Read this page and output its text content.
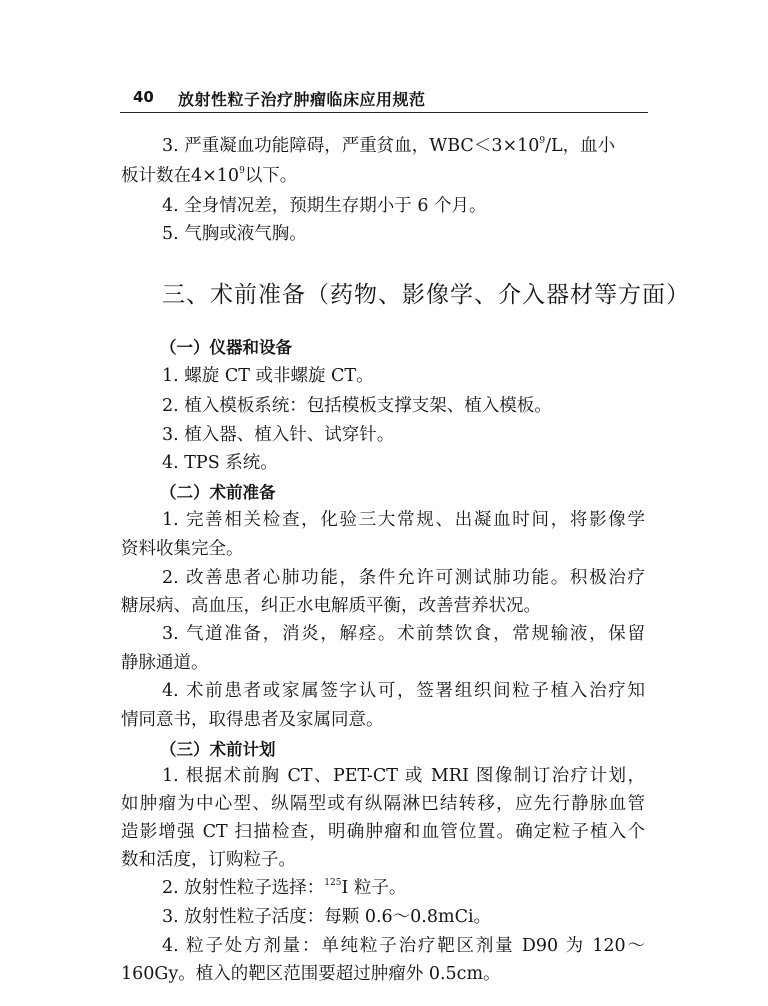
40 放射性粒子治疗肿瘤临床应用规范
3. 严重凝血功能障碍，严重贫血，$WBC<3\times 10^9/L$，血小
板计数在$4\times 10^9$以下。
4. 全身情况差，预期生存期小于 6 个月。
5. 气胸或液气胸。
三、术前准备（药物、影像学、介入器材等方面）
（一）仪器和设备
1. 螺旋 CT 或非螺旋 CT。
2. 植入模板系统：包括模板支撑支架、植入模板。
3. 植入器、植入针、试穿针。
4. TPS 系统。
（二）术前准备
1. 完善相关检查，化验三大常规、出凝血时间，将影像学
资料收集完全。
2. 改善患者心肺功能，条件允许可测试肺功能。积极治疗
糖尿病、高血压，纠正水电解质平衡，改善营养状况。
3. 气道准备，消炎，解痉。术前禁饮食，常规输液，保留
静脉通道。
4. 术前患者或家属签字认可，签署组织间粒子植入治疗知
情同意书，取得患者及家属同意。
（三）术前计划
1. 根据术前胸 CT、PET-CT 或 MRI 图像制订治疗计划，
如肿瘤为中心型、纵隔型或有纵隔淋巴结转移，应先行静脉血管
造影增强 CT 扫描检查，明确肿瘤和血管位置。确定粒子植入个
数和活度，订购粒子。
2. 放射性粒子选择：$^{125}$I 粒子。
3. 放射性粒子活度：每颗 0.6～0.8mCi。
4. 粒子处方剂量：单纯粒子治疗靶区剂量 D90 为 120～
160Gy。植入的靶区范围要超过肿瘤外 0.5cm。
